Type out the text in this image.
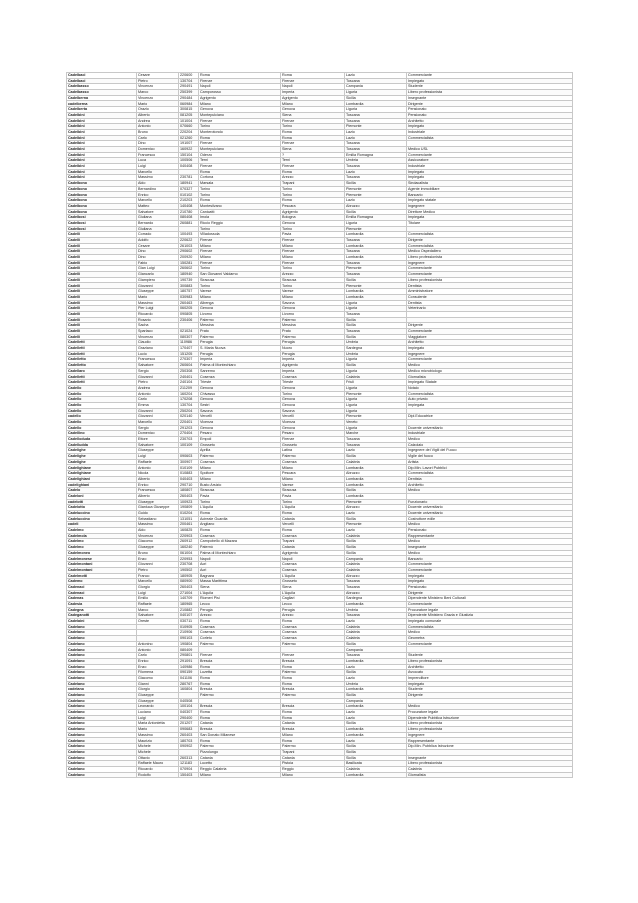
Cadelbaci	Cesare	220600	Roma	Roma	Lazio	Commerciante
Cadelbaci	Pietro	130704	Firenze	Firenze	Toscana	Impiegato
Cadelbasso	Vincenzo	290491	Napoli	Napoli	Campania	Studente
Cadelbasso	Marco	250399	Camporosso	Imperia	Liguria	Libero professionista
Cadelberna	Vincenzo	290484	Agrigento	Agrigento	Sicilia	Insegnante
cadelberna	Mario	060984	Milano	Milano	Lombardia	Dirigente
Cadelberta	Orazio	300815	Genova	Genova	Liguria	Pensionato
Cadelbini	Alberto	081205	Montepulciano	Siena	Toscana	Pensionato
Cadelbini	Andrea	101004	Firenze	Firenze	Toscana	Architetto
Cadelbini	Antonio	070660	Torino	Torino	Piemonte	Impiegato
Cadelbini	Bruno	220204	Monterotondo	Roma	Lazio	Industriale
Cadelbini	Carlo	021260	Roma	Roma	Lazio	Commercialista
Cadelbini	Dino	191007	Firenze	Firenze	Toscana	
Cadelbini	Domenico	160922	Montepulciano	Siena	Toscana	Medico USL
Cadelbini	Francesco	150104	Oderzo	?	Emilia Romagna	Commerciante
Cadelbini	Luca	100506	Terni	Terni	Umbria	Assicuratore
Cadelbini	Luigi	040408	Firenze	Firenze	Toscana	Industriale
Cadelbini	Marcello		Roma	Roma	Lazio	Impiegato
Cadelbini	Massimo	230781	Cortona	Arezzo	Toscana	Impiegato
Cadelbono	Aldo	180941	Marsala	Trapani	Sicilia	Sindacalista
Cadelbono	Bernardino	070327	Torino	Torino	Piemonte	Agente immobiliare
Cadelbono	Enrico	010102	Torino	Torino	Piemonte	Bancario
Cadelbono	Marcello	210203	Roma	Roma	Lazio	Impiegato statale
Cadelbono	Matteo	140408	Montesilvano	Pescara	Abruzzo	Ingegnere
Cadelbono	Salvatore	210780	Canicattì	Agrigento	Sicilia	Direttore Medico
Cadelbosi	Giuliana	080408	Imola	Bologna	Emilia Romagna	Impiegata
Cadelbosi	Bernardo	260881	Riccio Reggio	Genova	Liguria	Titolare
Cadelbosi	Giuliana		Torino	Torino	Piemonte	
Cadelli	Corrado	100493	Villadossola	Pavia	Lombardia	Commercialista
Cadelli	Adolfo	220622	Firenze	Firenze	Toscana	Dirigente
Cadelli	Cesare	261003	Milano	Milano	Lombardia	Commercialista
Cadelli	Dino	290602	Firenze	Firenze	Toscana	Medico Ospedaliero
Cadelli	Dino	200920	Milano	Milano	Lombardia	Libero professionista
Cadelli	Fabio	150281	Firenze	Firenze	Toscana	Ingegnere
Cadelli	Gian Luigi	260602	Torino	Torino	Piemonte	Commerciante
Cadelli	Giancarlo	180940	San Giovanni Valdarno	Arezzo	Toscana	Commerciante
Cadelli	Giampiero	190739	Siracusa	Siracusa	Sicilia	Libero professionista
Cadelli	Giovanni	300883	Torino	Torino	Piemonte	Dentista
Cadelli	Giuseppe	180757	Varese	Varese	Lombardia	Amministratore
Cadelli	Mario	030983	Milano	Milano	Lombardia	Consulente
Cadelli	Massimo	260463	Albenga	Savona	Liguria	Dentista
Cadelli	Pier Luigi	060205	Genova	Genova	Liguria	Veterinario
Cadelli	Riccardo	090805	Livorno	Livorno	Toscana	
Cadelli	Rosario	230406	Palermo	Palermo	Sicilia	
Cadelli	Sacha		Messina	Messina	Sicilia	Dirigente
Cadelli	Sparlaco	021024	Prato	Prato	Toscana	Commerciante
Cadelli	Vincenzo	080307	Palermo	Palermo	Sicilia	Viaggiatore
Cadelletti	Claudio	110986	Perugia	Perugia	Umbria	Architetto
Cadelletti	Graziano	170407	S. Maria Nuova	Nuoro	Sardegna	Impiegato
Cadelletti	Lucio	151205	Perugia	Perugia	Umbria	Ingegnere
Cadelletto	Francesco	270307	Imperia	Imperia	Liguria	Commerciante
Cadelletto	Salvatore	260604	Palma di Montechiaro	Agrigento	Sicilia	Medico
Cadellaro	Sergio	250308	Sanremo	Imperia	Liguria	Medico microbiologo
Cadelletti	Giovanni	240401	Cosenza	Cosenza	Calabria	Giornalista
Cadelletti	Pietro	240104	Trieste	Trieste	Friuli	Impiegato Statale
Cadello	Andrea	211209	Genova	Genova	Liguria	Notaio
Cadello	Antonio	160204	Chivasso	Torino	Piemonte	Commercialista
Cadello	Carlo	170208	Genova	Genova	Liguria	Auto privato
Cadello	Emma	130704	Sestri	Genova	Liguria	Impiegata
Cadello	Giovanni	250204	Savona	Savona	Liguria	
cadello	Giovanni	020140	Vercelli	Vercelli	Piemonte	Dipl.Educatrice
Cadello	Marcello	220401	Vicenza	Vicenza	Veneto	
Cadello	Sergio	291203	Genova	Genova	Liguria	Docente universitario
Cadellino	Domenico	270404	Pesaro	Pesaro	Marche	Industriale
Cadelloduda	Ettore	230703	Empoli	Firenze	Toscana	Medico
Cadelludda	Salvatore	100109	Grosseto	Grosseto	Toscana	Calzolaio
Cadelighe	Giuseppe		Aprilia	Latina	Lazio	Ingegnere dei Vigili del Fuoco
Cadelighe	Luigi	090603	Palermo	Palermo	Sicilia	Vigile del fuoco
Cadelighe	Raffaele	300907	Cosenza	Cosenza	Calabria	Artista
Cadelighiane	Antonio	010109	Milano	Milano	Lombardia	Dip.Min. Lavori Pubblici
Cadelighiane	Nicola	010883	Spoltore	Pescara	Abruzzo	Commercialista
Cadelighiani	Alberto	040403	Milano	Milano	Lombardia	Dentista
cadelighiani	Enrico	290710	Busto Arsizio	Varese	Lombardia	Architetto
Cadelo	Francesco	180807	Siracusa	Siracusa	Sicilia	Medico
Cadeloni	Alberto	260403	Pavia	Pavia	Lombardia	
cadelotti	Giuseppe	100923	Torino	Torino	Piemonte	Funzionario
Cadelotto	Gianluca Giuseppe	190809	L'Aquila	L'Aquila	Abruzzo	Docente universitario
Cadeluccino	Guido	010204	Roma	Roma	Lazio	Docente universitario
Cadeluccino	Sebastiano	131051	Acireale Guardia	Catania	Sicilia	Costruttore edile
cadeli	Massimo	200461	Angliano	Vercelli	Piemonte	Medico
Cadelmo	Aldo	160825	Roma	Roma	Lazio	Pensionato
Cadelmola	Vincenzo	220903	Cosenza	Cosenza	Calabria	Rappresentante
Cadelmo	Giacomo	260912	Campobello di Mazara	Trapani	Sicilia	Medico
Cadelmo	Giuseppe	160240	Paternò	Catania	Sicilia	Insegnante
Cadelmoneo	Bruno	061004	Palma di Montechiaro	Agrigento	Sicilia	Medico
Cadelmonese	Enzo	220953	Napoli	Napoli	Campania	Bancario
Cadelmontani	Giovanni	230708	Acri	Cosenza	Calabria	Commerciante
Cadelmontani	Pietro	190502	Acri	Cosenza	Calabria	Commerciante
Cadelmotti	Franco	180905	Bagnara	L'Aquila	Abruzzo	Impiegato
Cademo	Marcello	080900	Massa Marittima	Grosseto	Toscana	Impiegato
Cadenaci	Giorgio	260403	Siena	Siena	Toscana	Pensionato
Cadenaci	Luigi	271004	L'Aquila	L'Aquila	Abruzzo	Dirigente
Cadenas	Emilio	140709	Riomeri Pisi	Cagliari	Sardegna	Dipendente Ministero Beni Culturali
Cadesia	Raffaele	180965	Lecco	Lecco	Lombardia	Commerciante
Cadegna	Marco	210882	Perugia	Perugia	Umbria	Procuratore legale
Cadeganotti	Salvatore	040107	Arezzo	Arezzo	Toscana	Dipendente Ministero Grazia e Giustizia
Cadelaini	Oreste	030711	Roma	Roma	Lazio	Impiegato comunale
Cadelano		010905	Cosenza	Cosenza	Calabria	Commercialista
Cadelano		210906	Cosenza	Cosenza	Calabria	Medico
Cadelano		090103	Corleto	Cosenza	Calabria	Geometra
Cadelano	Antonino	190804	Palermo	Palermo	Sicilia	Commerciante
Cadelano	Antonio	080409			Campania	
Cadelano	Carlo	290801	Firenze	Firenze	Toscana	Studente
Cadelano	Enrico	291091	Brescia	Brescia	Lombardia	Libero professionista
Cadelano	Enzo	140986	Roma	Roma	Lazio	Architetto
Cadelano	Filomena	090159	Luzetta	Palermo	Sicilia	Avvocato
Cadelano	Giacomo	041106	Roma	Roma	Lazio	Imprenditore
Cadelano	Gianni	280767	Roma	Roma	Umbria	Impiegato
cadelano	Giorgio	160804	Brescia	Brescia	Lombardia	Studente
Cadelano	Giuseppe		Palermo	Palermo	Sicilia	Dirigente
Cadelano	Giuseppe	040508			Campania	
Cadelano	Leonardo	100104	Brescia	Brescia	Lombardia	Medico
Cadelano	Luciano	040307	Roma	Roma	Lazio	Procuratore legale
Cadelano	Luigi	290400	Roma	Roma	Lazio	Dipendente Pubblica Istruzione
Cadelano	Maria Antonietta	201207	Catania	Catania	Sicilia	Libero professionista
Cadelano	Mario	090683	Brescia	Brescia	Lombardia	Libero professionista
Cadelano	Massimo	260403	San Donato Milanese	Milano	Lombardia	Ingegnere
Cadelano	Maurizio	180703	Roma	Roma	Lazio	Rappresentante
Cadelano	Michele	090902	Palermo	Palermo	Sicilia	Dip.Min. Pubblica Istruzione
Cadelano	Michele		Pizzolungo	Trapani	Sicilia	
Cadelano	Ottavio	260313	Catania	Catania	Sicilia	Insegnante
Cadelano	Raffaele Mauro	121183	Lucetto	Pistoia	Basilicata	Libero professionista
Cadelano	Riccardo	070904	Reggio Calabria	Reggio	Calabria	Calabria
Cadelano	Rodolfo	150403	Milano	Milano	Lombardia	Giornalista
